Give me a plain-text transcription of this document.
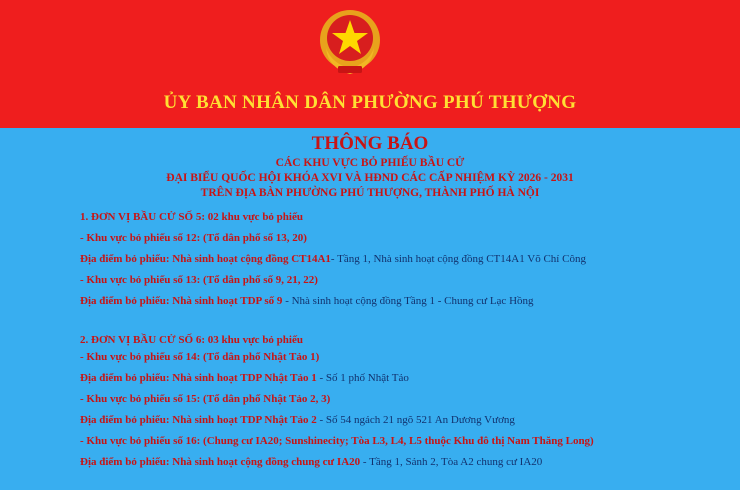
ỦY BAN NHÂN DÂN PHƯỜNG PHÚ THƯỢNG
THÔNG BÁO
CÁC KHU VỰC BỎ PHIẾU BẦU CỬ
ĐẠI BIỂU QUỐC HỘI KHÓA XVI VÀ HĐND CÁC CẤP NHIỆM KỲ 2026 - 2031
TRÊN ĐỊA BÀN PHƯỜNG PHÚ THƯỢNG, THÀNH PHỐ HÀ NỘI
1. ĐƠN VỊ BẦU CỬ SỐ 5: 02 khu vực bỏ phiếu
- Khu vực bỏ phiếu số 12: (Tổ dân phố số 13, 20)
Địa điểm bỏ phiếu: Nhà sinh hoạt cộng đồng CT14A1- Tầng 1, Nhà sinh hoạt cộng đồng CT14A1 Võ Chí Công
- Khu vực bỏ phiếu số 13: (Tổ dân phố số 9, 21, 22)
Địa điểm bỏ phiếu: Nhà sinh hoạt TDP số 9 - Nhà sinh hoạt cộng đồng Tầng 1 - Chung cư Lạc Hồng
2. ĐƠN VỊ BẦU CỬ SỐ 6: 03 khu vực bỏ phiếu
- Khu vực bỏ phiếu số 14: (Tổ dân phố Nhật Tảo 1)
Địa điểm bỏ phiếu: Nhà sinh hoạt TDP Nhật Tảo 1 - Số 1 phố Nhật Tảo
- Khu vực bỏ phiếu số 15: (Tổ dân phố Nhật Tảo 2, 3)
Địa điểm bỏ phiếu: Nhà sinh hoạt TDP Nhật Tảo 2 - Số 54 ngách 21 ngõ 521 An Dương Vương
- Khu vực bỏ phiếu số 16: (Chung cư IA20; Sunshinecity; Tòa L3, L4, L5 thuộc Khu đô thị Nam Thăng Long)
Địa điểm bỏ phiếu: Nhà sinh hoạt cộng đồng chung cư IA20 - Tầng 1, Sảnh 2, Tòa A2 chung cư IA20
